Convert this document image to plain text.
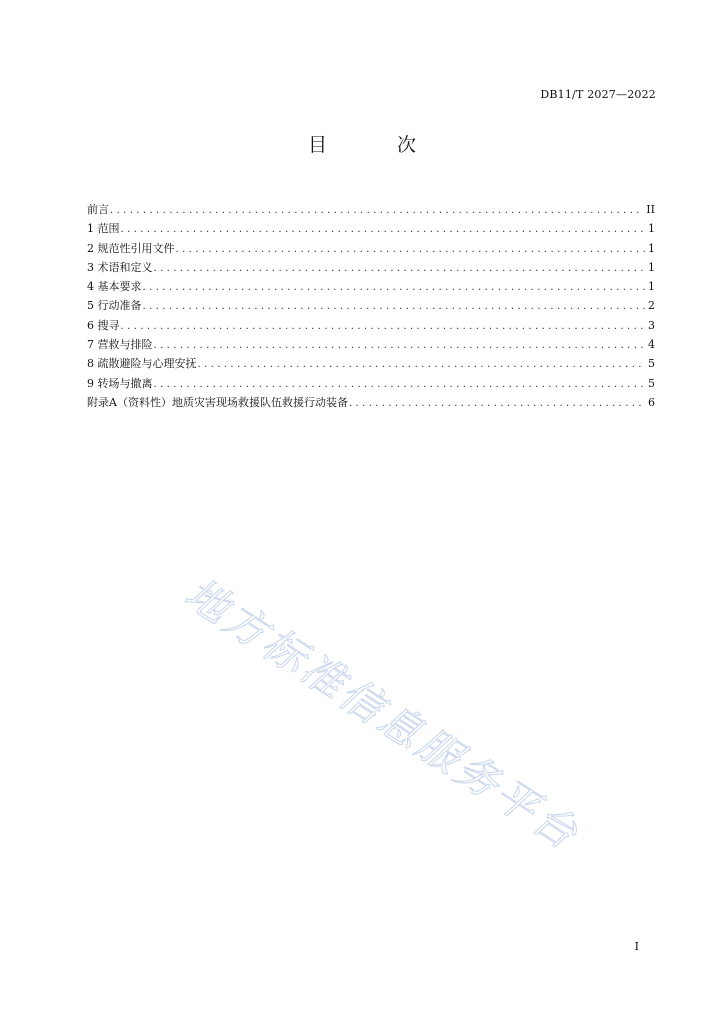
DB11/T 2027—2022
目 次
前言 .....	II
1 范围 .....	1
2 规范性引用文件 .....	1
3 术语和定义 .....	1
4 基本要求 .....	1
5 行动准备 .....	2
6 搜寻 .....	3
7 营救与排险 .....	4
8 疏散避险与心理安抚 .....	5
9 转场与撤离 .....	5
附录A（资料性）地质灾害现场救援队伍救援行动装备 .....	6
地方标准信息服务平台
I
